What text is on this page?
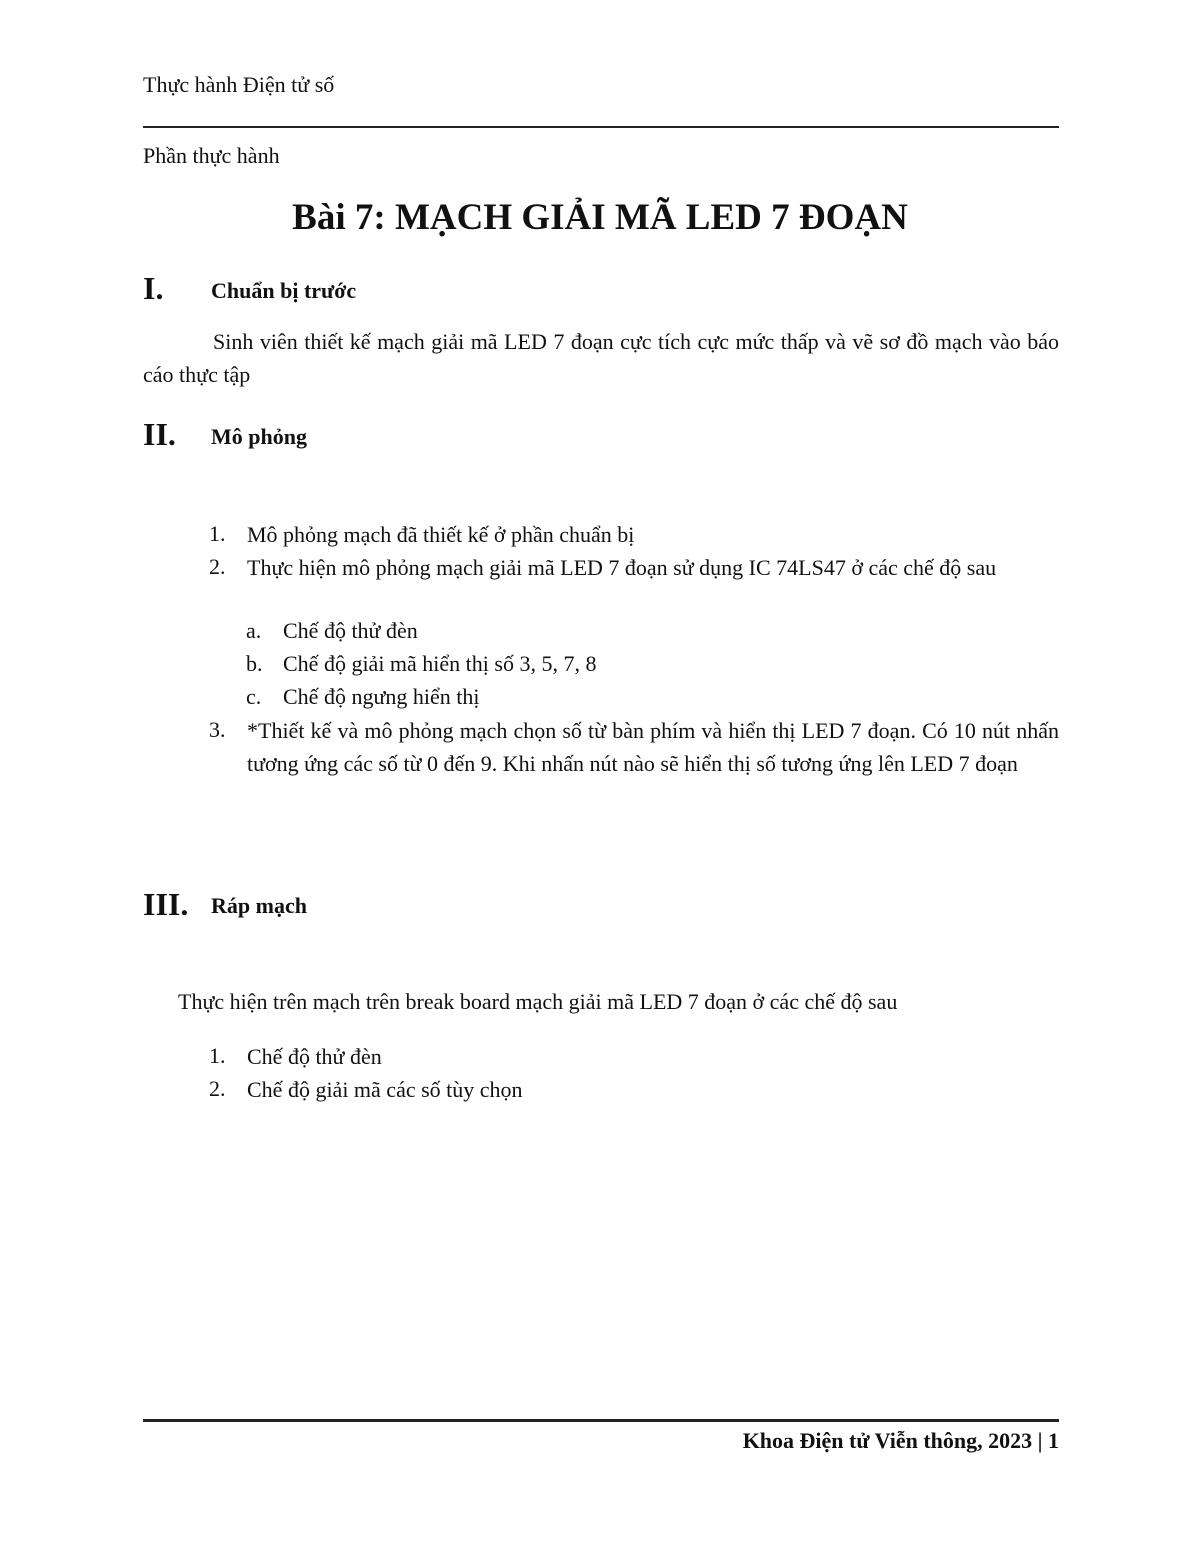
Thực hành Điện tử số
Phần thực hành
Bài 7: MẠCH GIẢI MÃ LED 7 ĐOẠN
I. Chuẩn bị trước
Sinh viên thiết kế mạch giải mã LED 7 đoạn cực tích cực mức thấp và vẽ sơ đồ mạch vào báo cáo thực tập
II. Mô phỏng
1. Mô phỏng mạch đã thiết kế ở phần chuẩn bị
2. Thực hiện mô phỏng mạch giải mã LED 7 đoạn sử dụng IC 74LS47 ở các chế độ sau
a. Chế độ thử đèn
b. Chế độ giải mã hiển thị số 3, 5, 7, 8
c. Chế độ ngưng hiển thị
3. *Thiết kế và mô phỏng mạch chọn số từ bàn phím và hiển thị LED 7 đoạn. Có 10 nút nhấn tương ứng các số từ 0 đến 9. Khi nhấn nút nào sẽ hiển thị số tương ứng lên LED 7 đoạn
III. Ráp mạch
Thực hiện trên mạch trên break board mạch giải mã LED 7 đoạn ở các chế độ sau
1. Chế độ thử đèn
2. Chế độ giải mã các số tùy chọn
Khoa Điện tử Viễn thông, 2023 | 1
